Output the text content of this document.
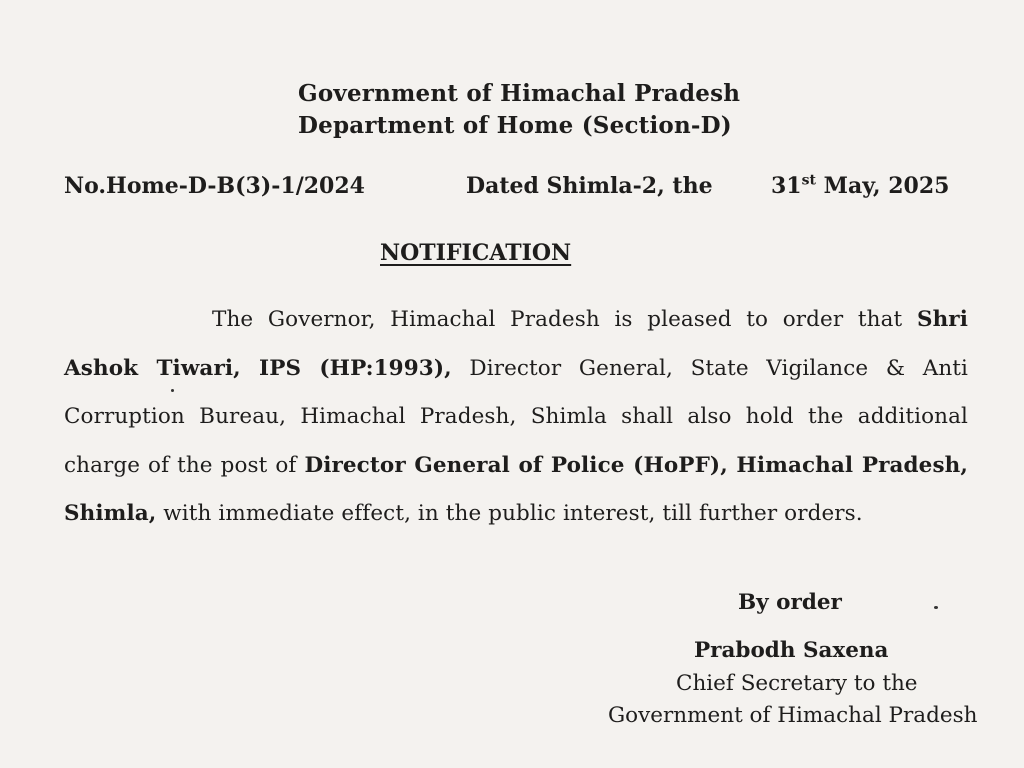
Government of Himachal Pradesh
Department of Home (Section-D)
No.Home-D-B(3)-1/2024	Dated Shimla-2, the	31st May, 2025
NOTIFICATION
The Governor, Himachal Pradesh is pleased to order that Shri Ashok Tiwari, IPS (HP:1993), Director General, State Vigilance & Anti Corruption Bureau, Himachal Pradesh, Shimla shall also hold the additional charge of the post of Director General of Police (HoPF), Himachal Pradesh, Shimla, with immediate effect, in the public interest, till further orders.
By order
Prabodh Saxena
Chief Secretary to the
Government of Himachal Pradesh
